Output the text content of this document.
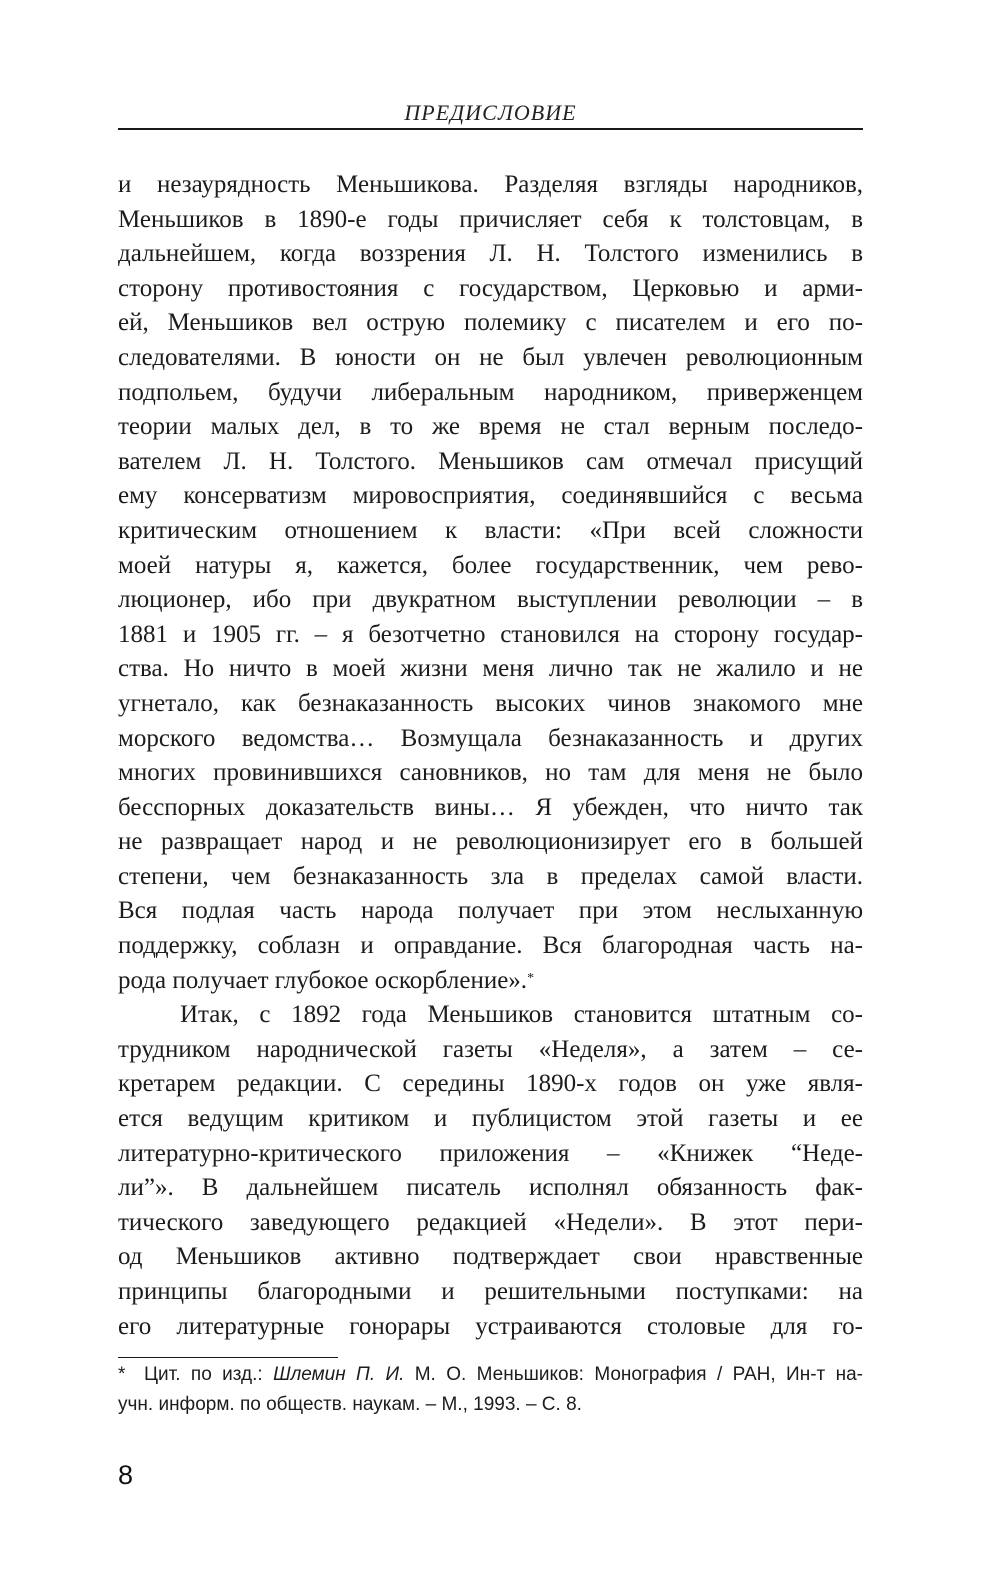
ПРЕДИСЛОВИЕ
и незаурядность Меньшикова. Разделяя взгляды народников,
Меньшиков в 1890-е годы причисляет себя к толстовцам, в
дальнейшем, когда воззрения Л. Н. Толстого изменились в
сторону противостояния с государством, Церковью и арми-
ей, Меньшиков вел острую полемику с писателем и его по-
следователями. В юности он не был увлечен революционным
подпольем, будучи либеральным народником, приверженцем
теории малых дел, в то же время не стал верным последо-
вателем Л. Н. Толстого. Меньшиков сам отмечал присущий
ему консерватизм мировосприятия, соединявшийся с весьма
критическим отношением к власти: «При всей сложности
моей натуры я, кажется, более государственник, чем рево-
люционер, ибо при двукратном выступлении революции – в
1881 и 1905 гг. – я безотчетно становился на сторону государ-
ства. Но ничто в моей жизни меня лично так не жалило и не
угнетало, как безнаказанность высоких чинов знакомого мне
морского ведомства… Возмущала безнаказанность и других
многих провинившихся сановников, но там для меня не было
бесспорных доказательств вины… Я убежден, что ничто так
не развращает народ и не революционизирует его в большей
степени, чем безнаказанность зла в пределах самой власти.
Вся подлая часть народа получает при этом неслыханную
поддержку, соблазн и оправдание. Вся благородная часть на-
рода получает глубокое оскорбление».*
Итак, с 1892 года Меньшиков становится штатным со-
трудником народнической газеты «Неделя», а затем – се-
кретарем редакции. С середины 1890-х годов он уже явля-
ется ведущим критиком и публицистом этой газеты и ее
литературно-критического приложения – «Книжек “Неде-
ли”». В дальнейшем писатель исполнял обязанность фак-
тического заведующего редакцией «Недели». В этот пери-
од Меньшиков активно подтверждает свои нравственные
принципы благородными и решительными поступками: на
его литературные гонорары устраиваются столовые для го-
* Цит. по изд.: Шлемин П. И. М. О. Меньшиков: Монография / РАН, Ин-т на-
учн. информ. по обществ. наукам. – М., 1993. – С. 8.
8
